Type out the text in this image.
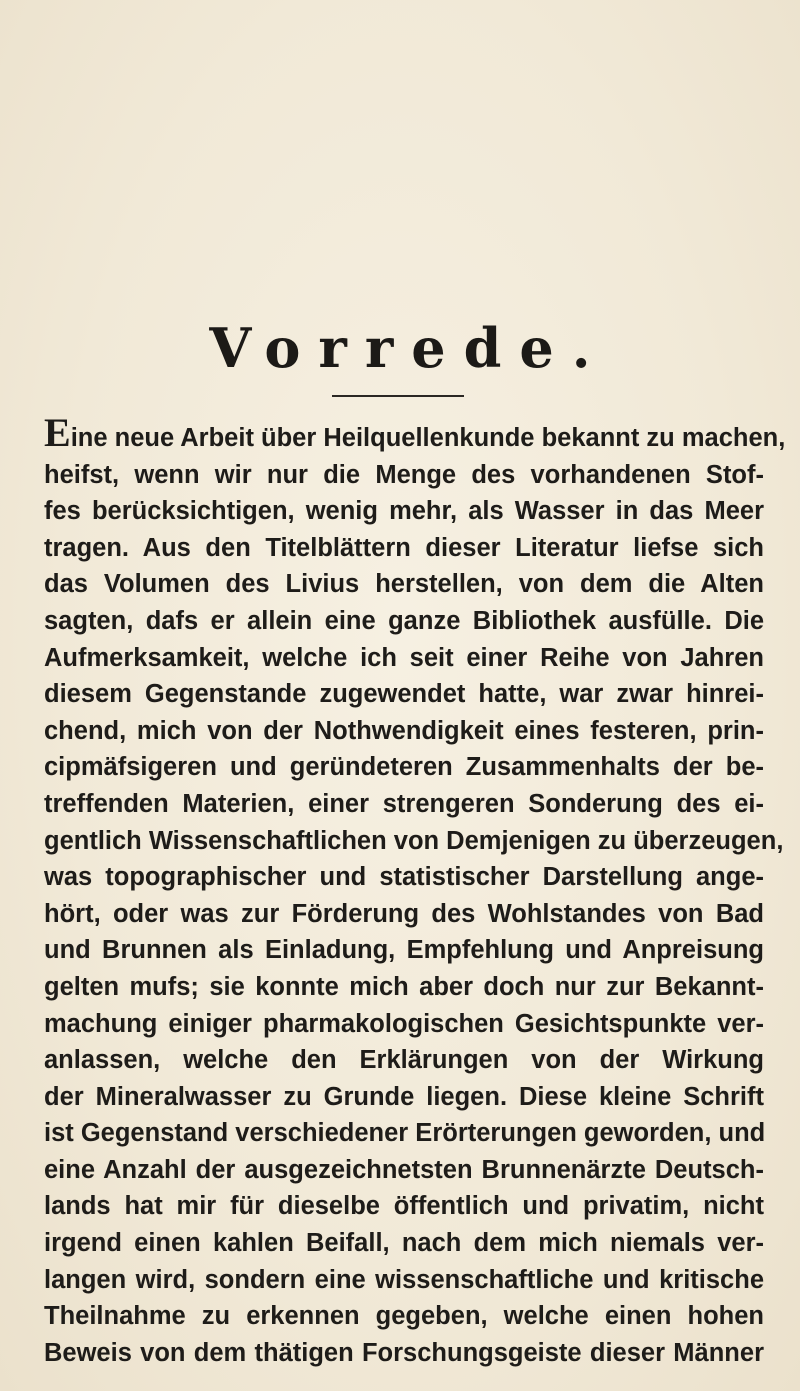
Vorrede.
Eine neue Arbeit über Heilquellenkunde bekannt zu machen,
heifst, wenn wir nur die Menge des vorhandenen Stof-
fes berücksichtigen, wenig mehr, als Wasser in das Meer
tragen. Aus den Titelblättern dieser Literatur liefse sich
das Volumen des Livius herstellen, von dem die Alten
sagten, dafs er allein eine ganze Bibliothek ausfülle. Die
Aufmerksamkeit, welche ich seit einer Reihe von Jahren
diesem Gegenstande zugewendet hatte, war zwar hinrei-
chend, mich von der Nothwendigkeit eines festeren, prin-
cipmäfsigeren und geründeteren Zusammenhalts der be-
treffenden Materien, einer strengeren Sonderung des ei-
gentlich Wissenschaftlichen von Demjenigen zu überzeugen,
was topographischer und statistischer Darstellung ange-
hört, oder was zur Förderung des Wohlstandes von Bad
und Brunnen als Einladung, Empfehlung und Anpreisung
gelten mufs; sie konnte mich aber doch nur zur Bekannt-
machung einiger pharmakologischen Gesichtspunkte ver-
anlassen, welche den Erklärungen von der Wirkung
der Mineralwasser zu Grunde liegen. Diese kleine Schrift
ist Gegenstand verschiedener Erörterungen geworden, und
eine Anzahl der ausgezeichnetsten Brunnenärzte Deutsch-
lands hat mir für dieselbe öffentlich und privatim, nicht
irgend einen kahlen Beifall, nach dem mich niemals ver-
langen wird, sondern eine wissenschaftliche und kritische
Theilnahme zu erkennen gegeben, welche einen hohen
Beweis von dem thätigen Forschungsgeiste dieser Männer
